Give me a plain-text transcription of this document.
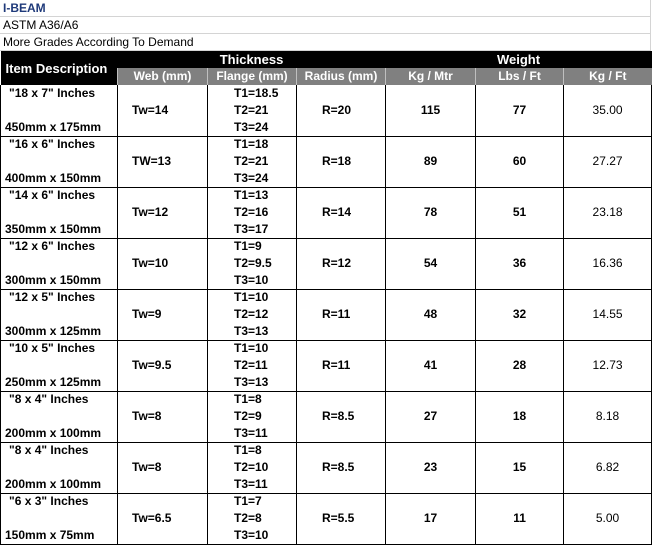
I-BEAM
ASTM A36/A6
More Grades According To Demand
Item Description	Thickness			Weight		
	Web (mm)	Flange (mm)	Radius (mm)	Kg / Mtr	Lbs / Ft	Kg / Ft
"18 x 7" Inches		T1=18.5				
	Tw=14	T2=21	R=20	115	77	35.00
450mm x 175mm		T3=24				
"16 x 6" Inches		T1=18				
	TW=13	T2=21	R=18	89	60	27.27
400mm x 150mm		T3=24				
"14 x 6" Inches		T1=13				
	Tw=12	T2=16	R=14	78	51	23.18
350mm x 150mm		T3=17				
"12 x 6" Inches		T1=9				
	Tw=10	T2=9.5	R=12	54	36	16.36
300mm x 150mm		T3=10				
"12 x 5" Inches		T1=10				
	Tw=9	T2=12	R=11	48	32	14.55
300mm x 125mm		T3=13				
"10 x 5" Inches		T1=10				
	Tw=9.5	T2=11	R=11	41	28	12.73
250mm x 125mm		T3=13				
"8 x 4" Inches		T1=8				
	Tw=8	T2=9	R=8.5	27	18	8.18
200mm x 100mm		T3=11				
"8 x 4" Inches		T1=8				
	Tw=8	T2=10	R=8.5	23	15	6.82
200mm x 100mm		T3=11				
"6 x 3" Inches		T1=7				
	Tw=6.5	T2=8	R=5.5	17	11	5.00
150mm x 75mm		T3=10				
